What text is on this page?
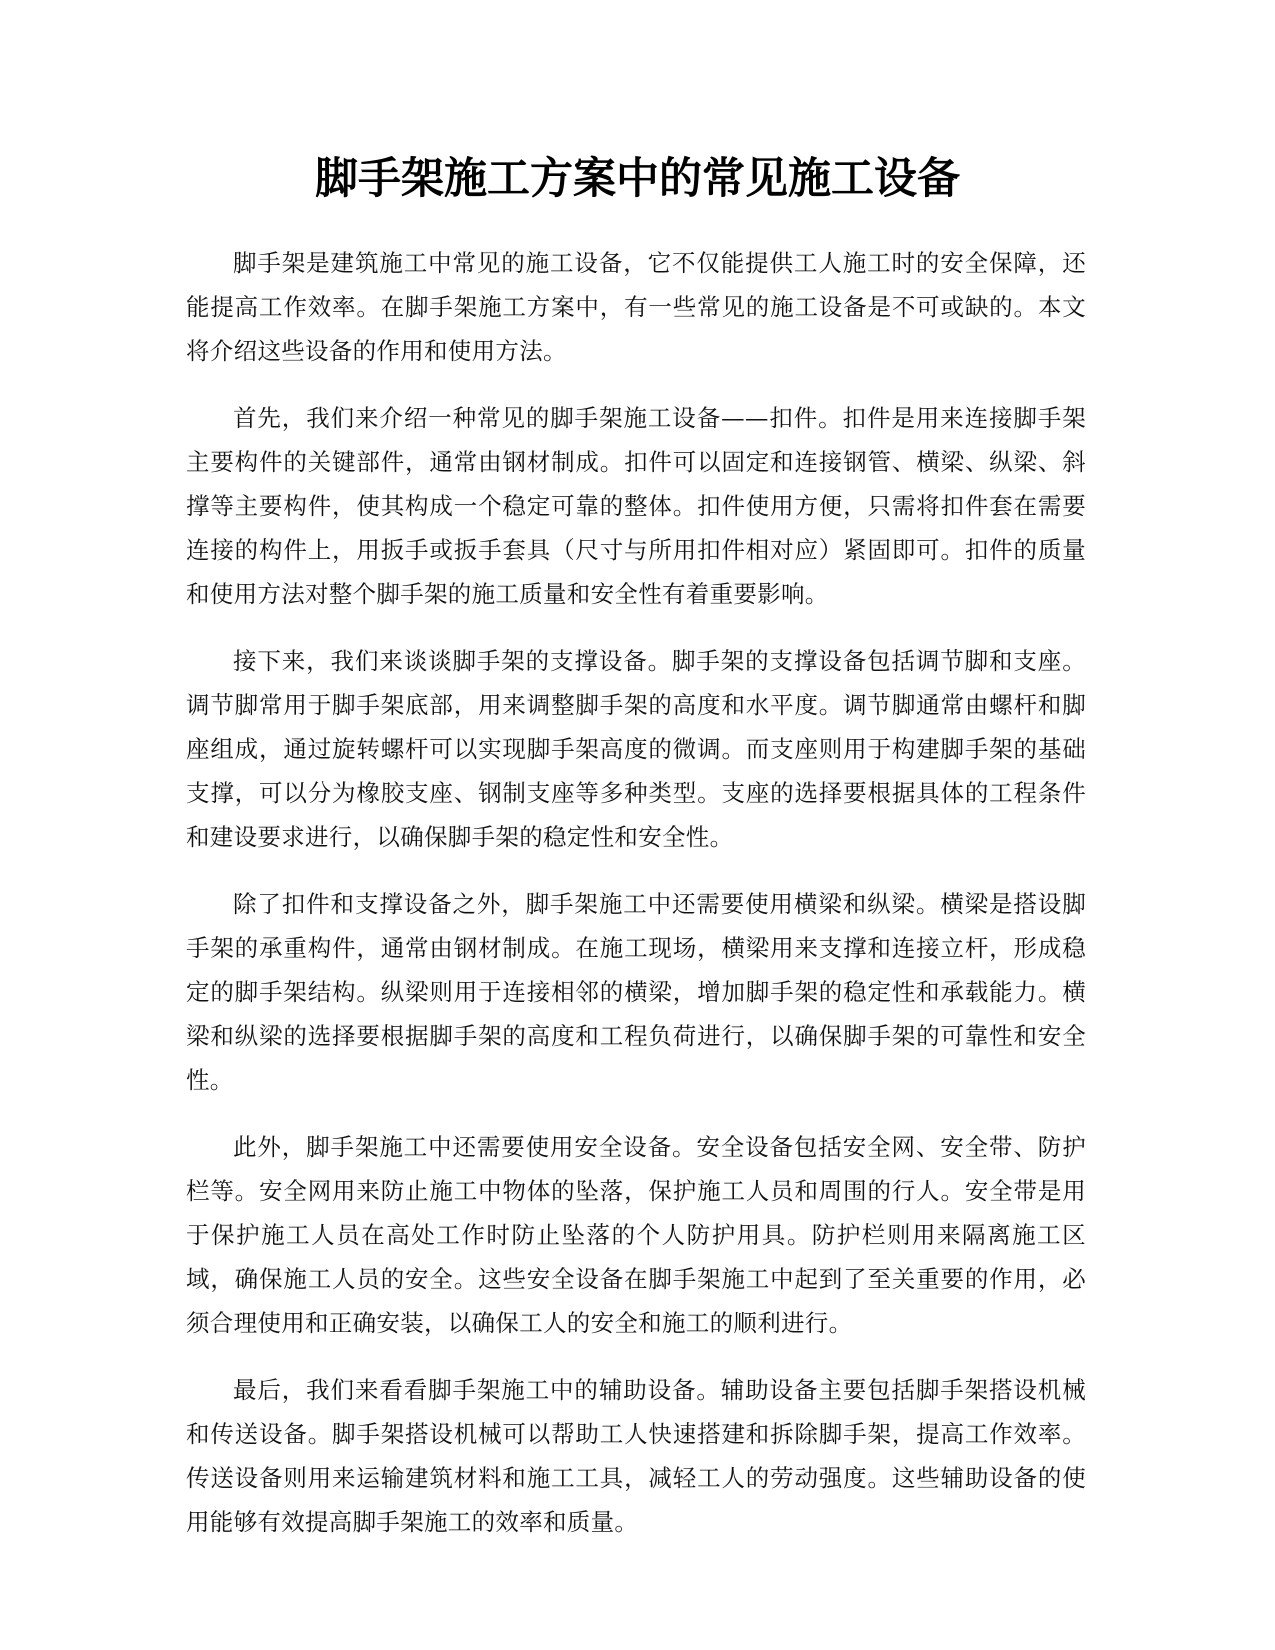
脚手架施工方案中的常见施工设备

脚手架是建筑施工中常见的施工设备，它不仅能提供工人施工时的安全保障，还能提高工作效率。在脚手架施工方案中，有一些常见的施工设备是不可或缺的。本文将介绍这些设备的作用和使用方法。

首先，我们来介绍一种常见的脚手架施工设备——扣件。扣件是用来连接脚手架主要构件的关键部件，通常由钢材制成。扣件可以固定和连接钢管、横梁、纵梁、斜撑等主要构件，使其构成一个稳定可靠的整体。扣件使用方便，只需将扣件套在需要连接的构件上，用扳手或扳手套具（尺寸与所用扣件相对应）紧固即可。扣件的质量和使用方法对整个脚手架的施工质量和安全性有着重要影响。

接下来，我们来谈谈脚手架的支撑设备。脚手架的支撑设备包括调节脚和支座。调节脚常用于脚手架底部，用来调整脚手架的高度和水平度。调节脚通常由螺杆和脚座组成，通过旋转螺杆可以实现脚手架高度的微调。而支座则用于构建脚手架的基础支撑，可以分为橡胶支座、钢制支座等多种类型。支座的选择要根据具体的工程条件和建设要求进行，以确保脚手架的稳定性和安全性。

除了扣件和支撑设备之外，脚手架施工中还需要使用横梁和纵梁。横梁是搭设脚手架的承重构件，通常由钢材制成。在施工现场，横梁用来支撑和连接立杆，形成稳定的脚手架结构。纵梁则用于连接相邻的横梁，增加脚手架的稳定性和承载能力。横梁和纵梁的选择要根据脚手架的高度和工程负荷进行，以确保脚手架的可靠性和安全性。

此外，脚手架施工中还需要使用安全设备。安全设备包括安全网、安全带、防护栏等。安全网用来防止施工中物体的坠落，保护施工人员和周围的行人。安全带是用于保护施工人员在高处工作时防止坠落的个人防护用具。防护栏则用来隔离施工区域，确保施工人员的安全。这些安全设备在脚手架施工中起到了至关重要的作用，必须合理使用和正确安装，以确保工人的安全和施工的顺利进行。

最后，我们来看看脚手架施工中的辅助设备。辅助设备主要包括脚手架搭设机械和传送设备。脚手架搭设机械可以帮助工人快速搭建和拆除脚手架，提高工作效率。传送设备则用来运输建筑材料和施工工具，减轻工人的劳动强度。这些辅助设备的使用能够有效提高脚手架施工的效率和质量。
